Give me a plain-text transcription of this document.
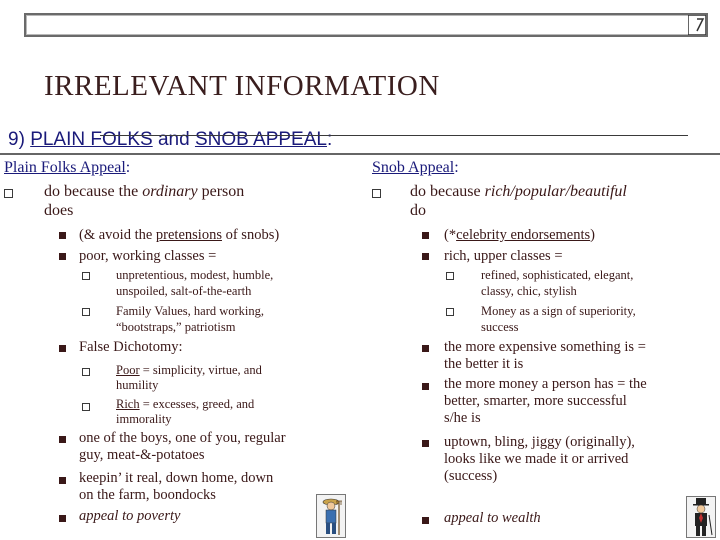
IRRELEVANT INFORMATION
9) PLAIN FOLKS and SNOB APPEAL:
Plain Folks Appeal:
do because the ordinary person
does
(& avoid the pretensions of snobs)
poor, working classes =
unpretentious, modest, humble,
unspoiled, salt-of-the-earth
Family Values, hard working,
“bootstraps,” patriotism
False Dichotomy:
Poor = simplicity, virtue, and
humility
Rich = excesses, greed, and
immorality
one of the boys, one of you, regular
guy, meat-&-potatoes
keepin’ it real, down home, down
on the farm, boondocks
appeal to poverty
Snob Appeal:
do because rich/popular/beautiful
do
(*celebrity endorsements)
rich, upper classes =
refined, sophisticated, elegant,
classy, chic, stylish
Money as a sign of superiority,
success
the more expensive something is =
the better it is
the more money a person has = the
better, smarter, more successful
s/he is
uptown, bling, jiggy (originally),
looks like we made it or arrived
(success)
appeal to wealth
